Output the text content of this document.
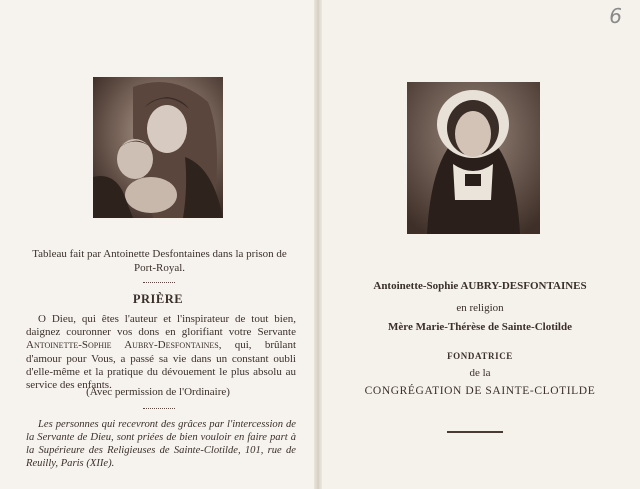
6
Tableau fait par Antoinette Desfontaines dans la prison de Port-Royal.
PRIÈRE
O Dieu, qui êtes l'auteur et l'inspirateur de tout bien, daignez couronner vos dons en glorifiant votre Servante Antoinette-Sophie Aubry-Desfontaines, qui, brûlant d'amour pour Vous, a passé sa vie dans un constant oubli d'elle-même et la pratique du dévouement le plus absolu au service des enfants.
(Avec permission de l'Ordinaire)
Les personnes qui recevront des grâces par l'intercession de la Servante de Dieu, sont priées de bien vouloir en faire part à la Supérieure des Religieuses de Sainte-Clotilde, 101, rue de Reuilly, Paris (XIIe).
Antoinette-Sophie AUBRY-DESFONTAINES
en religion
Mère Marie-Thérèse de Sainte-Clotilde
FONDATRICE
de la
CONGRÉGATION DE SAINTE-CLOTILDE
